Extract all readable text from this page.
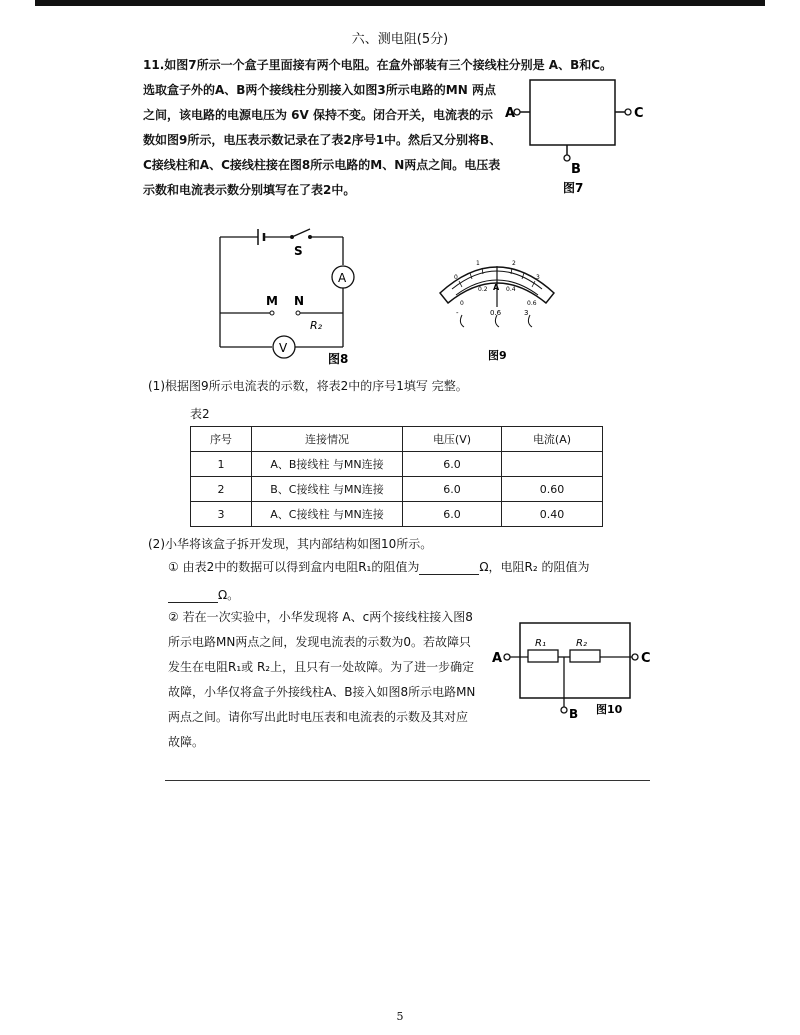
六、测电阻(5分)
11.如图7所示一个盒子里面接有两个电阻。在盒外部装有三个接线柱分别是 A、B和C。
选取盒子外的A、B两个接线柱分别接入如图3所示电路的MN 两点之间，该电路的电源电压为 6V 保持不变。闭合开关，电流表的示数如图9所示，电压表示数记录在了表2序号1中。然后又分别将B、C接线柱和A、C接线柱接在图8所示电路的M、N两点之间。电压表示数和电流表示数分别填写在了表2中。
A	C
B
图7
S
A
M N
R₂
V
图8
0
1	2
3
0
0.2	0.4
0.6
A
-	0.6	3
图9
(1)根据图9所示电流表的示数，将表2中的序号1填写 完整。
表2
序号	连接情况	电压(V)	电流(A)
1	A、B接线柱 与MN连接	6.0	
2	B、C接线柱 与MN连接	6.0	0.60
3	A、C接线柱 与MN连接	6.0	0.40
(2)小华将该盒子拆开发现，其内部结构如图10所示。
① 由表2中的数据可以得到盒内电阻R₁的阻值为	Ω，电阻R₂ 的阻值为
Ω。
② 若在一次实验中，小华发现将 A、c两个接线柱接入图8所示电路MN两点之间，发现电流表的示数为0。若故障只发生在电阻R₁或 R₂上，且只有一处故障。为了进一步确定故障，小华仅将盒子外接线柱A、B接入如图8所示电路MN两点之间。请你写出此时电压表和电流表的示数及其对应故障。
R₁	R₂
A	C
B 图10
5
